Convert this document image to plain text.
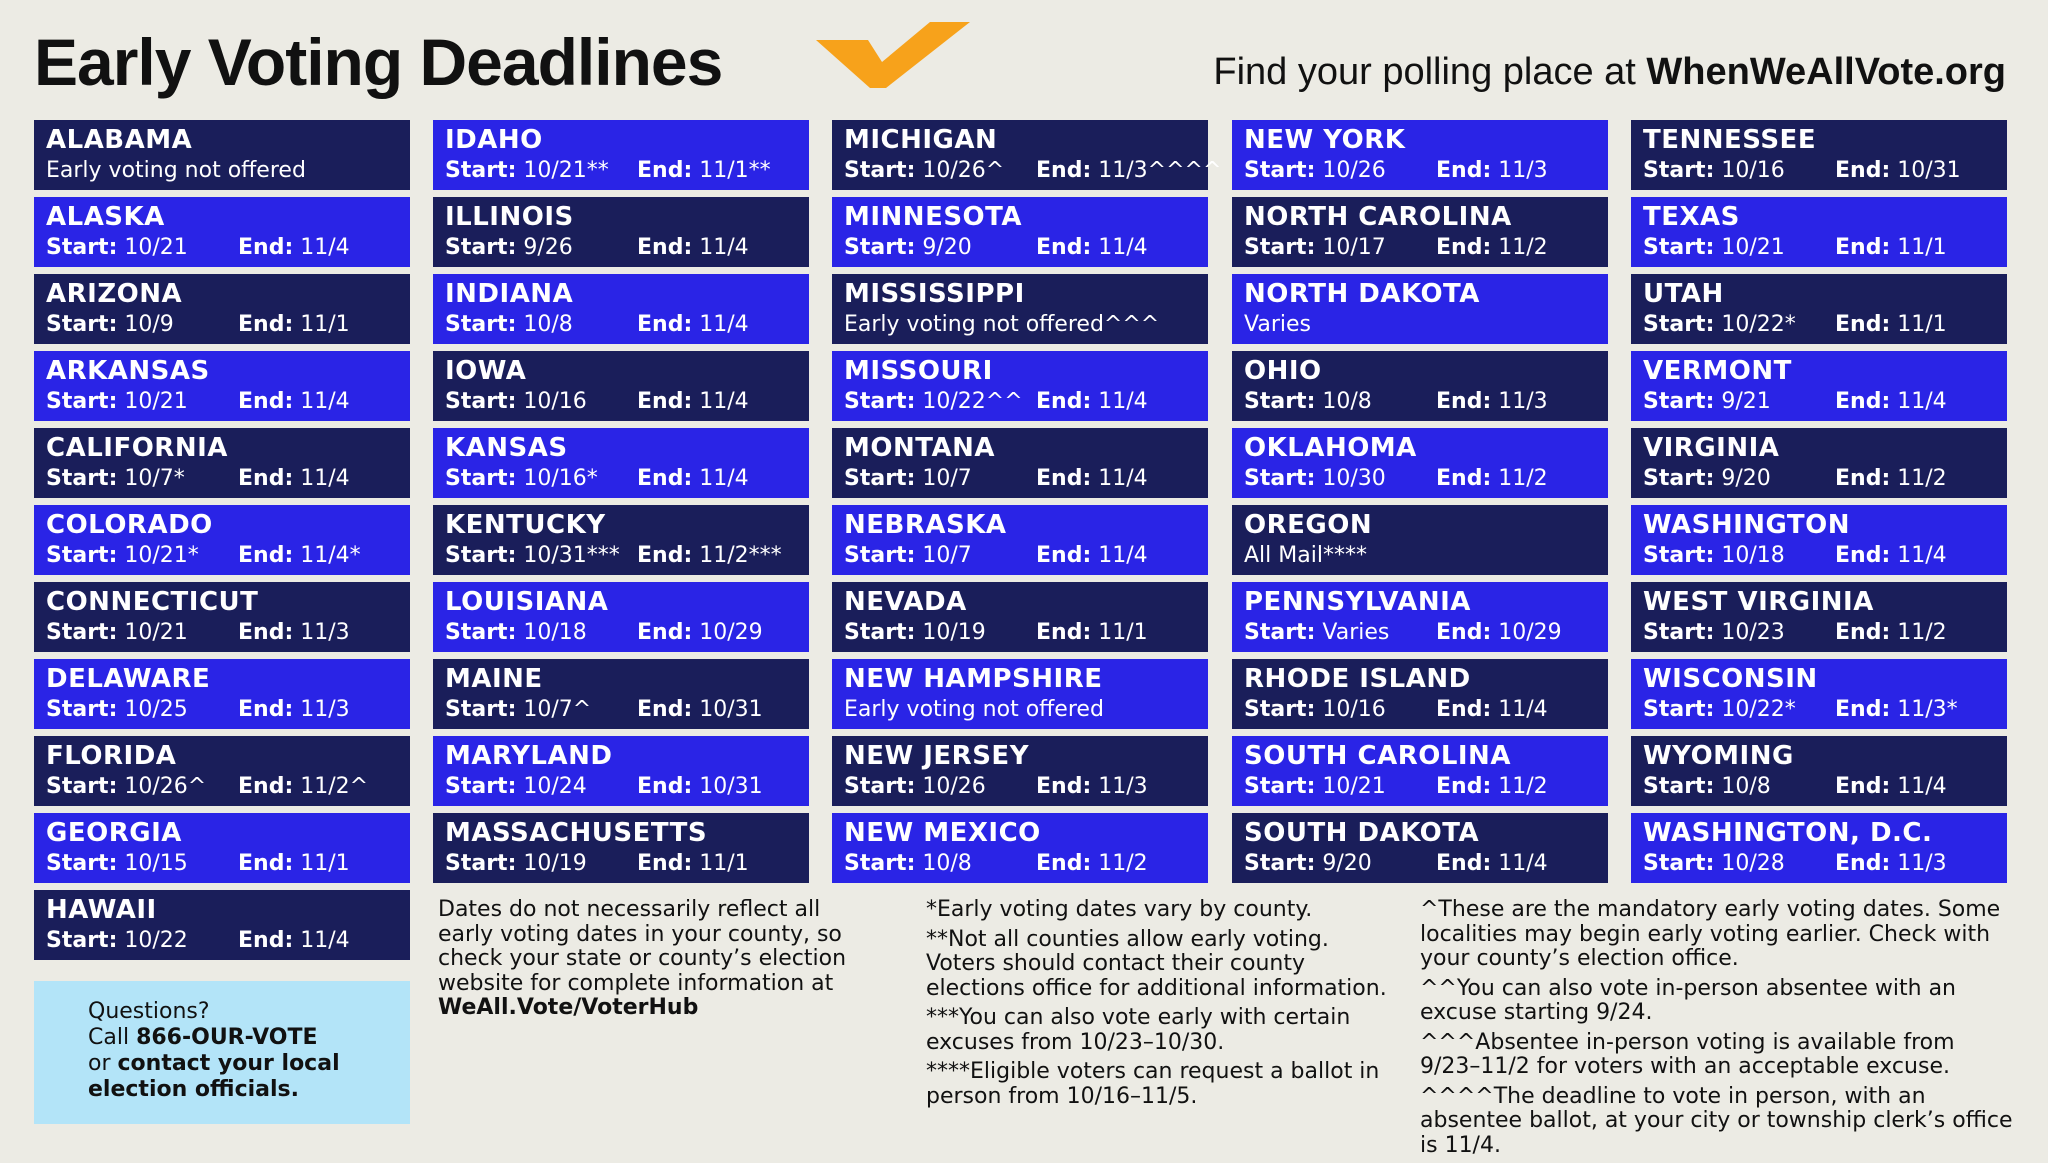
Early Voting Deadlines	Find your polling place at WhenWeAllVote.org
ALABAMA
Early voting not offered
ALASKA
Start: 10/21 End: 11/4
ARIZONA
Start: 10/9	End: 11/1
ARKANSAS
Start: 10/21 End: 11/4
CALIFORNIA
Start: 10/7* End: 11/4
COLORADO
Start: 10/21* End: 11/4*
CONNECTICUT
Start: 10/21 End: 11/3
DELAWARE
Start: 10/25 End: 11/3
FLORIDA
Start: 10/26^ End: 11/2^
GEORGIA
Start: 10/15 End: 11/1
HAWAII
Start: 10/22 End: 11/4
IDAHO
Start: 10/21** End: 11/1**
ILLINOIS
Start: 9/26	End: 11/4
INDIANA
Start: 10/8	End: 11/4
IOWA
Start: 10/16 End: 11/4
KANSAS
Start: 10/16* End: 11/4
KENTUCKY
Start: 10/31*** End: 11/2***
LOUISIANA
Start: 10/18 End: 10/29
MAINE
Start: 10/7^ End: 10/31
MARYLAND
Start: 10/24 End: 10/31
MASSACHUSETTS
Start: 10/19 End: 11/1
MICHIGAN
Start: 10/26^ End: 11/3^^^^
MINNESOTA
Start: 9/20	End: 11/4
MISSISSIPPI
Early voting not offered^^^
MISSOURI
Start: 10/22^^ End: 11/4
MONTANA
Start: 10/7	End: 11/4
NEBRASKA
Start: 10/7	End: 11/4
NEVADA
Start: 10/19 End: 11/1
NEW HAMPSHIRE
Early voting not offered
NEW JERSEY
Start: 10/26 End: 11/3
NEW MEXICO
Start: 10/8	End: 11/2
NEW YORK
Start: 10/26 End: 11/3
NORTH CAROLINA
Start: 10/17 End: 11/2
NORTH DAKOTA
Varies
OHIO
Start: 10/8	End: 11/3
OKLAHOMA
Start: 10/30 End: 11/2
OREGON
All Mail****
PENNSYLVANIA
Start: Varies End: 10/29
RHODE ISLAND
Start: 10/16 End: 11/4
SOUTH CAROLINA
Start: 10/21 End: 11/2
SOUTH DAKOTA
Start: 9/20	End: 11/4
TENNESSEE
Start: 10/16 End: 10/31
TEXAS
Start: 10/21 End: 11/1
UTAH
Start: 10/22* End: 11/1
VERMONT
Start: 9/21	End: 11/4
VIRGINIA
Start: 9/20	End: 11/2
WASHINGTON
Start: 10/18 End: 11/4
WEST VIRGINIA
Start: 10/23 End: 11/2
WISCONSIN
Start: 10/22* End: 11/3*
WYOMING
Start: 10/8	End: 11/4
WASHINGTON, D.C.
Start: 10/28 End: 11/3
Questions?
Call 866-OUR-VOTE
or contact your local election officials.
Dates do not necessarily reflect all early voting dates in your county, so check your state or county’s election website for complete information at WeAll.Vote/VoterHub

*Early voting dates vary by county.

**Not all counties allow early voting. Voters should contact their county elections office for additional information.

***You can also vote early with certain excuses from 10/23–10/30.

****Eligible voters can request a ballot in person from 10/16–11/5.

^These are the mandatory early voting dates. Some localities may begin early voting earlier. Check with your county’s election office.

^^You can also vote in-person absentee with an excuse starting 9/24.

^^^Absentee in-person voting is available from 9/23–11/2 for voters with an acceptable excuse.

^^^^The deadline to vote in person, with an absentee ballot, at your city or township clerk’s office is 11/4.
